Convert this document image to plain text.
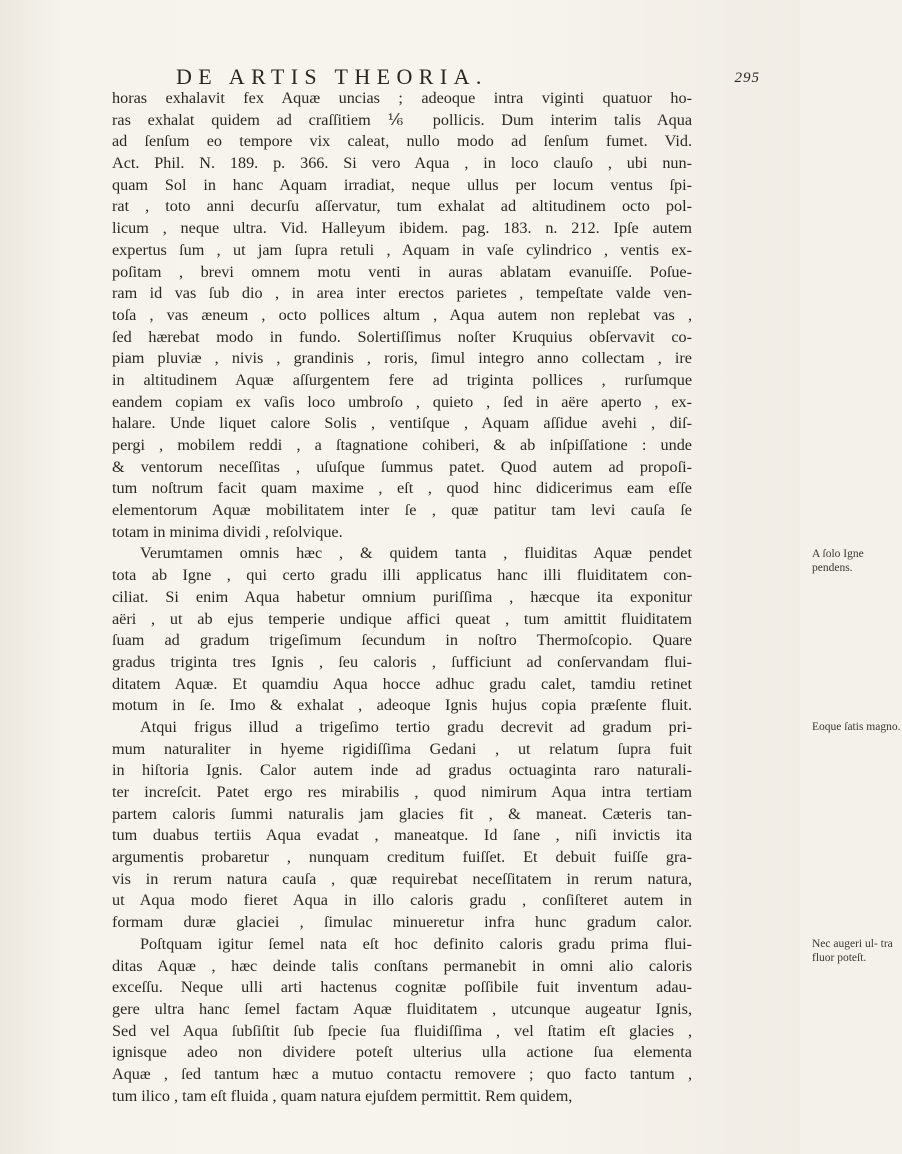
DE ARTIS THEORIA.	295
horas exhalavit fex Aquæ uncias ; adeoque intra viginti quatuor ho-
ras exhalat quidem ad craſſitiem ⅙ pollicis. Dum interim talis Aqua
ad ſenſum eo tempore vix caleat, nullo modo ad ſenſum fumet. Vid.
Act. Phil. N. 189. p. 366. Si vero Aqua , in loco clauſo , ubi nun-
quam Sol in hanc Aquam irradiat, neque ullus per locum ventus ſpi-
rat , toto anni decurſu aſſervatur, tum exhalat ad altitudinem octo pol-
licum , neque ultra. Vid. Halleyum ibidem. pag. 183. n. 212. Ipſe autem
expertus ſum , ut jam ſupra retuli , Aquam in vaſe cylindrico , ventis ex-
poſitam , brevi omnem motu venti in auras ablatam evanuiſſe. Poſue-
ram id vas ſub dio , in area inter erectos parietes , tempeſtate valde ven-
toſa , vas æneum , octo pollices altum , Aqua autem non replebat vas ,
ſed hærebat modo in fundo. Solertiſſimus noſter Kruquius obſervavit co-
piam pluviæ , nivis , grandinis , roris, ſimul integro anno collectam , ire
in altitudinem Aquæ aſſurgentem fere ad triginta pollices , rurſumque
eandem copiam ex vaſis loco umbroſo , quieto , ſed in aëre aperto , ex-
halare. Unde liquet calore Solis , ventiſque , Aquam aſſidue avehi , diſ-
pergi , mobilem reddi , a ſtagnatione cohiberi, & ab inſpiſſatione : unde
& ventorum neceſſitas , uſuſque ſummus patet. Quod autem ad propoſi-
tum noſtrum facit quam maxime , eſt , quod hinc didicerimus eam eſſe
elementorum Aquæ mobilitatem inter ſe , quæ patitur tam levi cauſa ſe
totam in minima dividi , reſolvique.
Verumtamen omnis hæc , & quidem tanta , fluiditas Aquæ pendet
tota ab Igne , qui certo gradu illi applicatus hanc illi fluiditatem con-
ciliat. Si enim Aqua habetur omnium puriſſima , hæcque ita exponitur
aëri , ut ab ejus temperie undique affici queat , tum amittit fluiditatem
ſuam ad gradum trigeſimum ſecundum in noſtro Thermoſcopio. Quare
gradus triginta tres Ignis , ſeu caloris , ſufficiunt ad conſervandam flui-
ditatem Aquæ. Et quamdiu Aqua hocce adhuc gradu calet, tamdiu retinet
motum in ſe. Imo & exhalat , adeoque Ignis hujus copia præſente fluit.
Atqui frigus illud a trigeſimo tertio gradu decrevit ad gradum pri-
mum naturaliter in hyeme rigidiſſima Gedani , ut relatum ſupra fuit
in hiſtoria Ignis. Calor autem inde ad gradus octuaginta raro naturali-
ter increſcit. Patet ergo res mirabilis , quod nimirum Aqua intra tertiam
partem caloris ſummi naturalis jam glacies fit , & maneat. Cæteris tan-
tum duabus tertiis Aqua evadat , maneatque. Id ſane , niſi invictis ita
argumentis probaretur , nunquam creditum fuiſſet. Et debuit fuiſſe gra-
vis in rerum natura cauſa , quæ requirebat neceſſitatem in rerum natura,
ut Aqua modo fieret Aqua in illo caloris gradu , conſiſteret autem in
formam duræ glaciei , ſimulac minueretur infra hunc gradum calor.
Poſtquam igitur ſemel nata eſt hoc definito caloris gradu prima flui-
ditas Aquæ , hæc deinde talis conſtans permanebit in omni alio caloris
exceſſu. Neque ulli arti hactenus cognitæ poſſibile fuit inventum adau-
gere ultra hanc ſemel factam Aquæ fluiditatem , utcunque augeatur Ignis,
Sed vel Aqua ſubſiſtit ſub ſpecie ſua fluidiſſima , vel ſtatim eſt glacies ,
ignisque adeo non dividere poteſt ulterius ulla actione ſua elementa
Aquæ , ſed tantum hæc a mutuo contactu removere ; quo facto tantum ,
tum ilico , tam eſt fluida , quam natura ejuſdem permittit. Rem quidem,
A ſolo Igne pendens.
Eoque ſatis magno.
Nec augeri ul- tra fluor poteſt.
